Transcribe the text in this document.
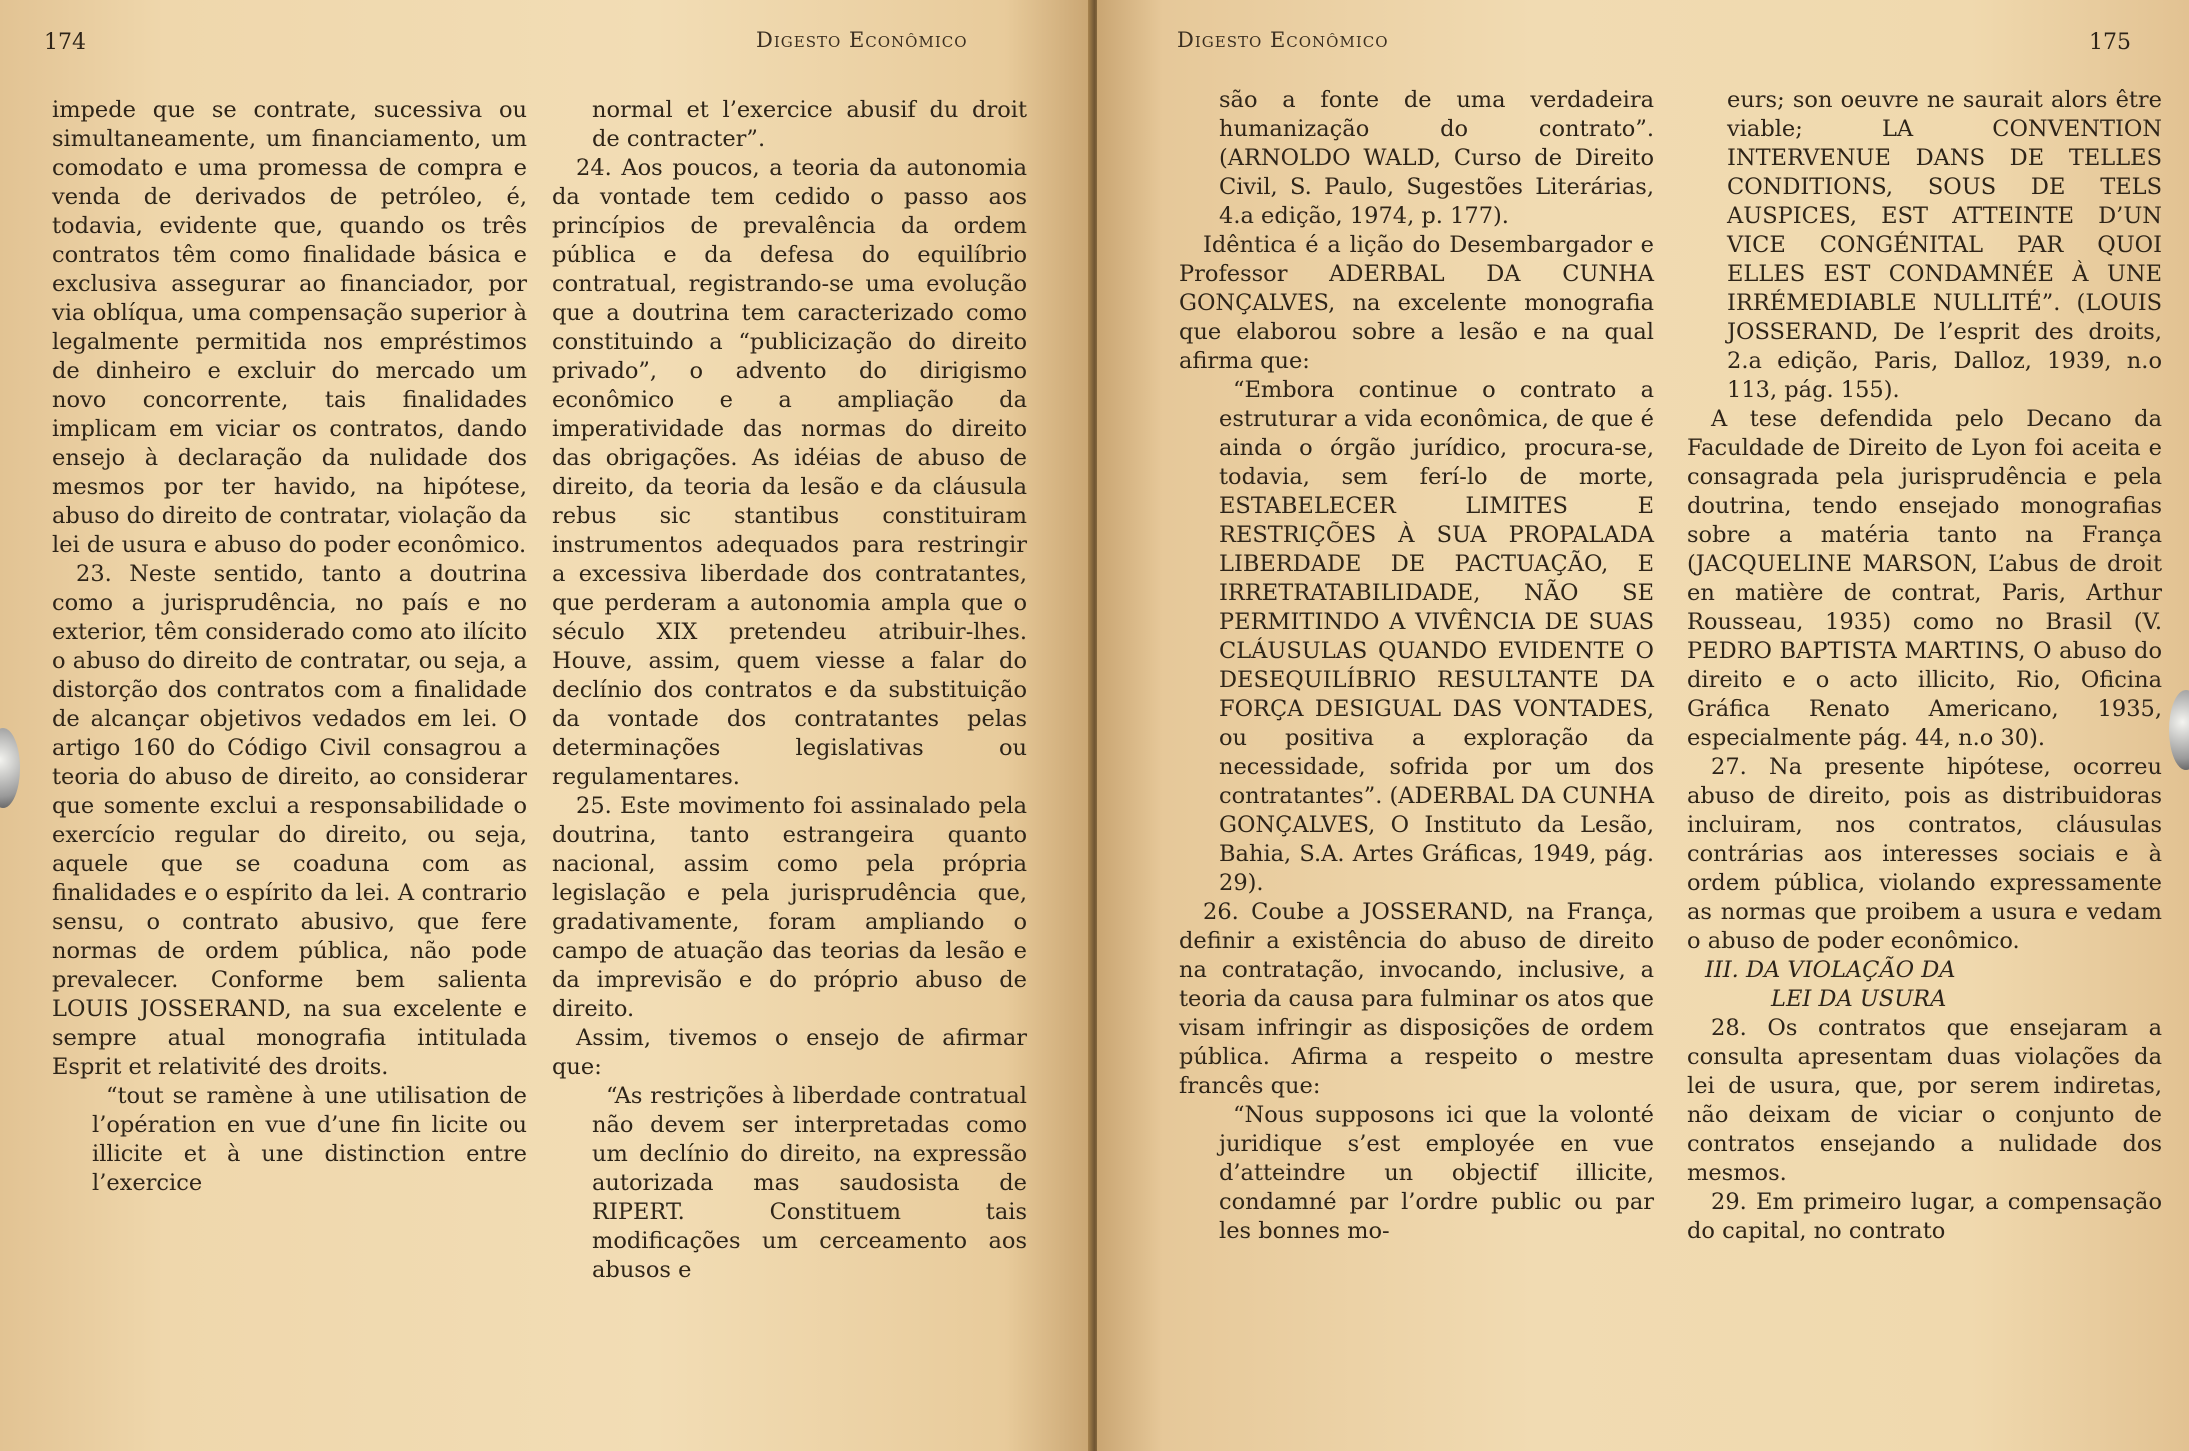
174	Digesto Econômico

impede que se contrate, sucessiva ou simultaneamente, um financiamento, um comodato e uma promessa de compra e venda de derivados de petróleo, é, todavia, evidente que, quando os três contratos têm como finalidade básica e exclusiva assegurar ao financiador, por via oblíqua, uma compensação superior à legalmente permitida nos empréstimos de dinheiro e excluir do mercado um novo concorrente, tais finalidades implicam em viciar os contratos, dando ensejo à declaração da nulidade dos mesmos por ter havido, na hipótese, abuso do direito de contratar, violação da lei de usura e abuso do poder econômico.

23. Neste sentido, tanto a doutrina como a jurisprudência, no país e no exterior, têm considerado como ato ilícito o abuso do direito de contratar, ou seja, a distorção dos contratos com a finalidade de alcançar objetivos vedados em lei. O artigo 160 do Código Civil consagrou a teoria do abuso de direito, ao considerar que somente exclui a responsabilidade o exercício regular do direito, ou seja, aquele que se coaduna com as finalidades e o espírito da lei. A contrario sensu, o contrato abusivo, que fere normas de ordem pública, não pode prevalecer. Conforme bem salienta LOUIS JOSSERAND, na sua excelente e sempre atual monografia intitulada Esprit et relativité des droits.

“tout se ramène à une utilisation de l’opération en vue d’une fin licite ou illicite et à une distinction entre l’exercice

normal et l’exercice abusif du droit de contracter”.

24. Aos poucos, a teoria da autonomia da vontade tem cedido o passo aos princípios de prevalência da ordem pública e da defesa do equilíbrio contratual, registrando-se uma evolução que a doutrina tem caracterizado como constituindo a “publicização do direito privado”, o advento do dirigismo econômico e a ampliação da imperatividade das normas do direito das obrigações. As idéias de abuso de direito, da teoria da lesão e da cláusula rebus sic stantibus constituiram instrumentos adequados para restringir a excessiva liberdade dos contratantes, que perderam a autonomia ampla que o século XIX pretendeu atribuir-lhes. Houve, assim, quem viesse a falar do declínio dos contratos e da substituição da vontade dos contratantes pelas determinações legislativas ou regulamentares.

25. Este movimento foi assinalado pela doutrina, tanto estrangeira quanto nacional, assim como pela própria legislação e pela jurisprudência que, gradativamente, foram ampliando o campo de atuação das teorias da lesão e da imprevisão e do próprio abuso de direito.

Assim, tivemos o ensejo de afirmar que:

“As restrições à liberdade contratual não devem ser interpretadas como um declínio do direito, na expressão autorizada mas saudosista de RIPERT. Constituem tais modificações um cerceamento aos abusos e

Digesto Econômico	175

são a fonte de uma verdadeira humanização do contrato”. (ARNOLDO WALD, Curso de Direito Civil, S. Paulo, Sugestões Literárias, 4.a edição, 1974, p. 177).

Idêntica é a lição do Desembargador e Professor ADERBAL DA CUNHA GONÇALVES, na excelente monografia que elaborou sobre a lesão e na qual afirma que:

“Embora continue o contrato a estruturar a vida econômica, de que é ainda o órgão jurídico, procura-se, todavia, sem ferí-lo de morte, ESTABELECER LIMITES E RESTRIÇÕES À SUA PROPALADA LIBERDADE DE PACTUAÇÃO, E IRRETRATABILIDADE, NÃO SE PERMITINDO A VIVÊNCIA DE SUAS CLÁUSULAS QUANDO EVIDENTE O DESEQUILÍBRIO RESULTANTE DA FORÇA DESIGUAL DAS VONTADES, ou positiva a exploração da necessidade, sofrida por um dos contratantes”. (ADERBAL DA CUNHA GONÇALVES, O Instituto da Lesão, Bahia, S.A. Artes Gráficas, 1949, pág. 29).

26. Coube a JOSSERAND, na França, definir a existência do abuso de direito na contratação, invocando, inclusive, a teoria da causa para fulminar os atos que visam infringir as disposições de ordem pública. Afirma a respeito o mestre francês que:

“Nous supposons ici que la volonté juridique s’est employée en vue d’atteindre un objectif illicite, condamné par l’ordre public ou par les bonnes mo-

eurs; son oeuvre ne saurait alors être viable; LA CONVENTION INTERVENUE DANS DE TELLES CONDITIONS, SOUS DE TELS AUSPICES, EST ATTEINTE D’UN VICE CONGÉNITAL PAR QUOI ELLES EST CONDAMNÉE À UNE IRRÉMEDIABLE NULLITÉ”. (LOUIS JOSSERAND, De l’esprit des droits, 2.a edição, Paris, Dalloz, 1939, n.o 113, pág. 155).

A tese defendida pelo Decano da Faculdade de Direito de Lyon foi aceita e consagrada pela jurisprudência e pela doutrina, tendo ensejado monografias sobre a matéria tanto na França (JACQUELINE MARSON, L’abus de droit en matière de contrat, Paris, Arthur Rousseau, 1935) como no Brasil (V. PEDRO BAPTISTA MARTINS, O abuso do direito e o acto illicito, Rio, Oficina Gráfica Renato Americano, 1935, especialmente pág. 44, n.o 30).

27. Na presente hipótese, ocorreu abuso de direito, pois as distribuidoras incluiram, nos contratos, cláusulas contrárias aos interesses sociais e à ordem pública, violando expressamente as normas que proibem a usura e vedam o abuso de poder econômico.

III. DA VIOLAÇÃO DA

LEI DA USURA

28. Os contratos que ensejaram a consulta apresentam duas violações da lei de usura, que, por serem indiretas, não deixam de viciar o conjunto de contratos ensejando a nulidade dos mesmos.

29. Em primeiro lugar, a compensação do capital, no contrato
